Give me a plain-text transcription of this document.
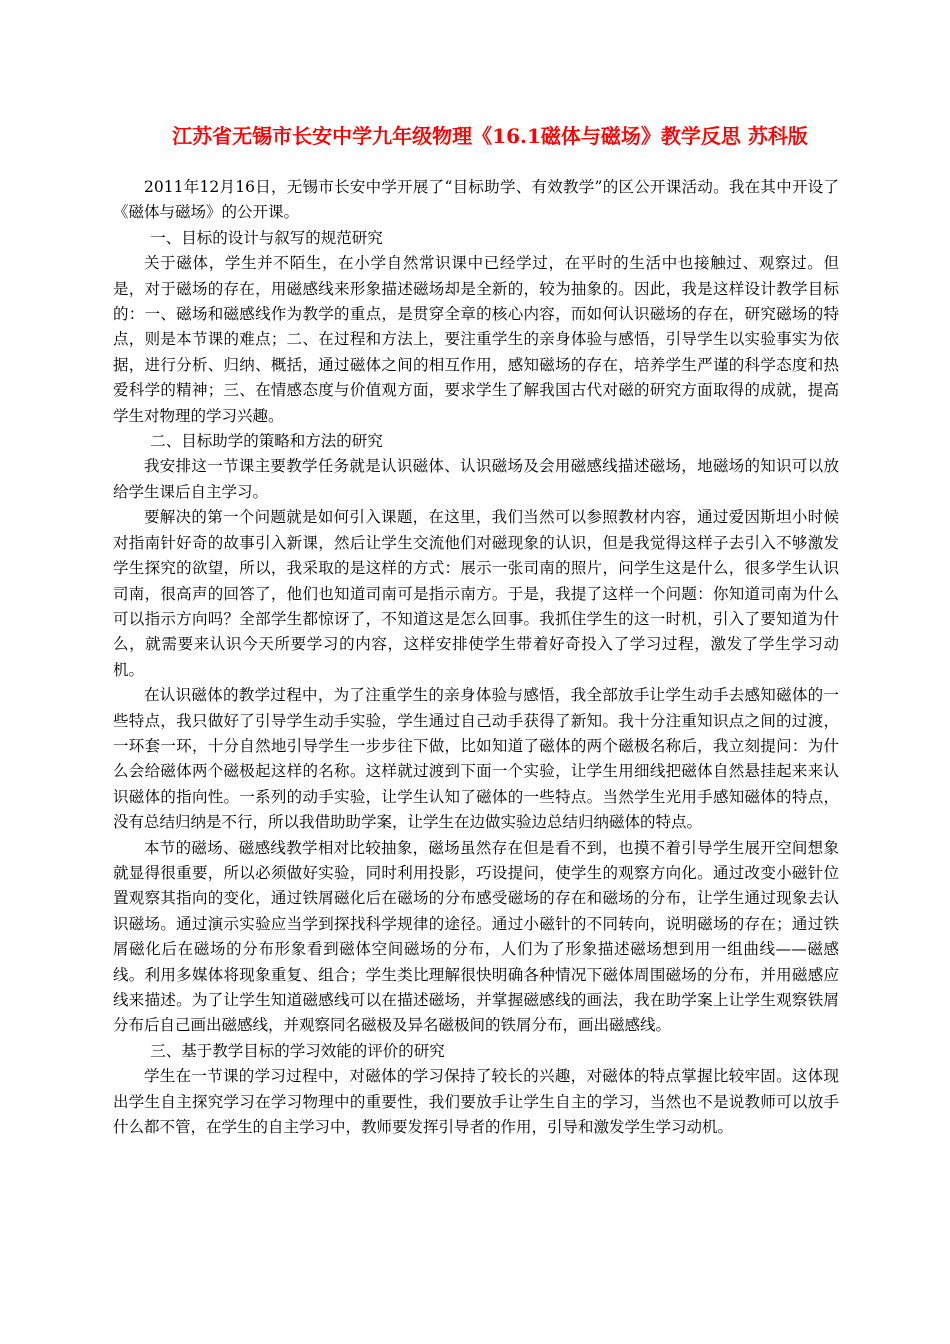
江苏省无锡市长安中学九年级物理《16.1磁体与磁场》教学反思 苏科版

2011年12月16日，无锡市长安中学开展了“目标助学、有效教学”的区公开课活动。我在其中开设了《磁体与磁场》的公开课。

一、目标的设计与叙写的规范研究

关于磁体，学生并不陌生，在小学自然常识课中已经学过，在平时的生活中也接触过、观察过。但是，对于磁场的存在，用磁感线来形象描述磁场却是全新的，较为抽象的。因此，我是这样设计教学目标的：一、磁场和磁感线作为教学的重点，是贯穿全章的核心内容，而如何认识磁场的存在，研究磁场的特点，则是本节课的难点；二、在过程和方法上，要注重学生的亲身体验与感悟，引导学生以实验事实为依据，进行分析、归纳、概括，通过磁体之间的相互作用，感知磁场的存在，培养学生严谨的科学态度和热爱科学的精神；三、在情感态度与价值观方面，要求学生了解我国古代对磁的研究方面取得的成就，提高学生对物理的学习兴趣。

二、目标助学的策略和方法的研究

我安排这一节课主要教学任务就是认识磁体、认识磁场及会用磁感线描述磁场，地磁场的知识可以放给学生课后自主学习。

要解决的第一个问题就是如何引入课题，在这里，我们当然可以参照教材内容，通过爱因斯坦小时候对指南针好奇的故事引入新课，然后让学生交流他们对磁现象的认识，但是我觉得这样子去引入不够激发学生探究的欲望，所以，我采取的是这样的方式：展示一张司南的照片，问学生这是什么，很多学生认识司南，很高声的回答了，他们也知道司南可是指示南方。于是，我提了这样一个问题：你知道司南为什么可以指示方向吗？全部学生都惊讶了，不知道这是怎么回事。我抓住学生的这一时机，引入了要知道为什么，就需要来认识今天所要学习的内容，这样安排使学生带着好奇投入了学习过程，激发了学生学习动机。

在认识磁体的教学过程中，为了注重学生的亲身体验与感悟，我全部放手让学生动手去感知磁体的一些特点，我只做好了引导学生动手实验，学生通过自己动手获得了新知。我十分注重知识点之间的过渡，一环套一环，十分自然地引导学生一步步往下做，比如知道了磁体的两个磁极名称后，我立刻提问：为什么会给磁体两个磁极起这样的名称。这样就过渡到下面一个实验，让学生用细线把磁体自然悬挂起来来认识磁体的指向性。一系列的动手实验，让学生认知了磁体的一些特点。当然学生光用手感知磁体的特点，没有总结归纳是不行，所以我借助助学案，让学生在边做实验边总结归纳磁体的特点。

本节的磁场、磁感线教学相对比较抽象，磁场虽然存在但是看不到，也摸不着引导学生展开空间想象就显得很重要，所以必须做好实验，同时利用投影，巧设提问，使学生的观察方向化。通过改变小磁针位置观察其指向的变化，通过铁屑磁化后在磁场的分布感受磁场的存在和磁场的分布，让学生通过现象去认识磁场。通过演示实验应当学到探找科学规律的途径。通过小磁针的不同转向，说明磁场的存在；通过铁屑磁化后在磁场的分布形象看到磁体空间磁场的分布，人们为了形象描述磁场想到用一组曲线——磁感线。利用多媒体将现象重复、组合；学生类比理解很快明确各种情况下磁体周围磁场的分布，并用磁感应线来描述。为了让学生知道磁感线可以在描述磁场，并掌握磁感线的画法，我在助学案上让学生观察铁屑分布后自己画出磁感线，并观察同名磁极及异名磁极间的铁屑分布，画出磁感线。

三、基于教学目标的学习效能的评价的研究

学生在一节课的学习过程中，对磁体的学习保持了较长的兴趣，对磁体的特点掌握比较牢固。这体现出学生自主探究学习在学习物理中的重要性，我们要放手让学生自主的学习，当然也不是说教师可以放手什么都不管，在学生的自主学习中，教师要发挥引导者的作用，引导和激发学生学习动机。
